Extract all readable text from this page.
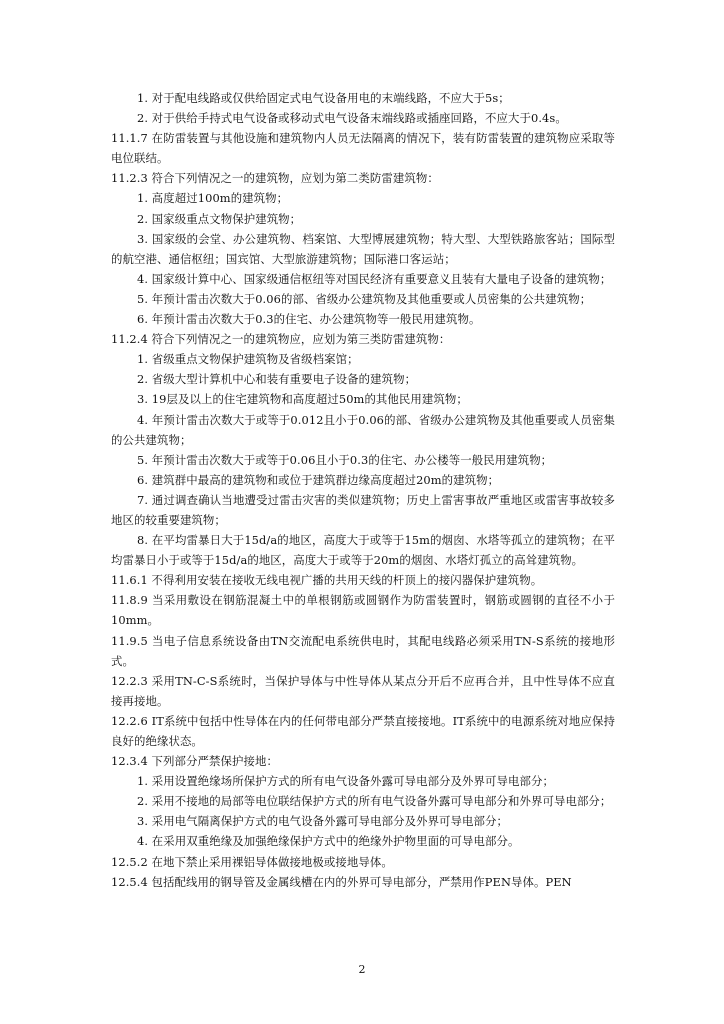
1. 对于配电线路或仅供给固定式电气设备用电的末端线路，不应大于5s；

2. 对于供给手持式电气设备或移动式电气设备末端线路或插座回路，不应大于0.4s。

11.1.7 在防雷装置与其他设施和建筑物内人员无法隔离的情况下，装有防雷装置的建筑物应采取等电位联结。

11.2.3 符合下列情况之一的建筑物，应划为第二类防雷建筑物：

1. 高度超过100m的建筑物；

2. 国家级重点文物保护建筑物；

3. 国家级的会堂、办公建筑物、档案馆、大型博展建筑物；特大型、大型铁路旅客站；国际型的航空港、通信枢纽；国宾馆、大型旅游建筑物；国际港口客运站；

4. 国家级计算中心、国家级通信枢纽等对国民经济有重要意义且装有大量电子设备的建筑物；

5. 年预计雷击次数大于0.06的部、省级办公建筑物及其他重要或人员密集的公共建筑物；

6. 年预计雷击次数大于0.3的住宅、办公建筑物等一般民用建筑物。

11.2.4 符合下列情况之一的建筑物应，应划为第三类防雷建筑物：

1. 省级重点文物保护建筑物及省级档案馆；

2. 省级大型计算机中心和装有重要电子设备的建筑物；

3. 19层及以上的住宅建筑物和高度超过50m的其他民用建筑物；

4. 年预计雷击次数大于或等于0.012且小于0.06的部、省级办公建筑物及其他重要或人员密集的公共建筑物；

5. 年预计雷击次数大于或等于0.06且小于0.3的住宅、办公楼等一般民用建筑物；

6. 建筑群中最高的建筑物和或位于建筑群边缘高度超过20m的建筑物；

7. 通过调查确认当地遭受过雷击灾害的类似建筑物；历史上雷害事故严重地区或雷害事故较多地区的较重要建筑物；

8. 在平均雷暴日大于15d/a的地区，高度大于或等于15m的烟囱、水塔等孤立的建筑物；在平均雷暴日小于或等于15d/a的地区，高度大于或等于20m的烟囱、水塔灯孤立的高耸建筑物。

11.6.1 不得利用安装在接收无线电视广播的共用天线的杆顶上的接闪器保护建筑物。

11.8.9 当采用敷设在钢筋混凝土中的单根钢筋或圆钢作为防雷装置时，钢筋或圆钢的直径不小于10mm。

11.9.5 当电子信息系统设备由TN交流配电系统供电时，其配电线路必须采用TN-S系统的接地形式。

12.2.3 采用TN-C-S系统时，当保护导体与中性导体从某点分开后不应再合并，且中性导体不应直接再接地。

12.2.6 IT系统中包括中性导体在内的任何带电部分严禁直接接地。IT系统中的电源系统对地应保持良好的绝缘状态。

12.3.4 下列部分严禁保护接地：

1. 采用设置绝缘场所保护方式的所有电气设备外露可导电部分及外界可导电部分；

2. 采用不接地的局部等电位联结保护方式的所有电气设备外露可导电部分和外界可导电部分；

3. 采用电气隔离保护方式的电气设备外露可导电部分及外界可导电部分；

4. 在采用双重绝缘及加强绝缘保护方式中的绝缘外护物里面的可导电部分。

12.5.2 在地下禁止采用裸铝导体做接地极或接地导体。

12.5.4 包括配线用的钢导管及金属线槽在内的外界可导电部分，严禁用作PEN导体。PEN

2
